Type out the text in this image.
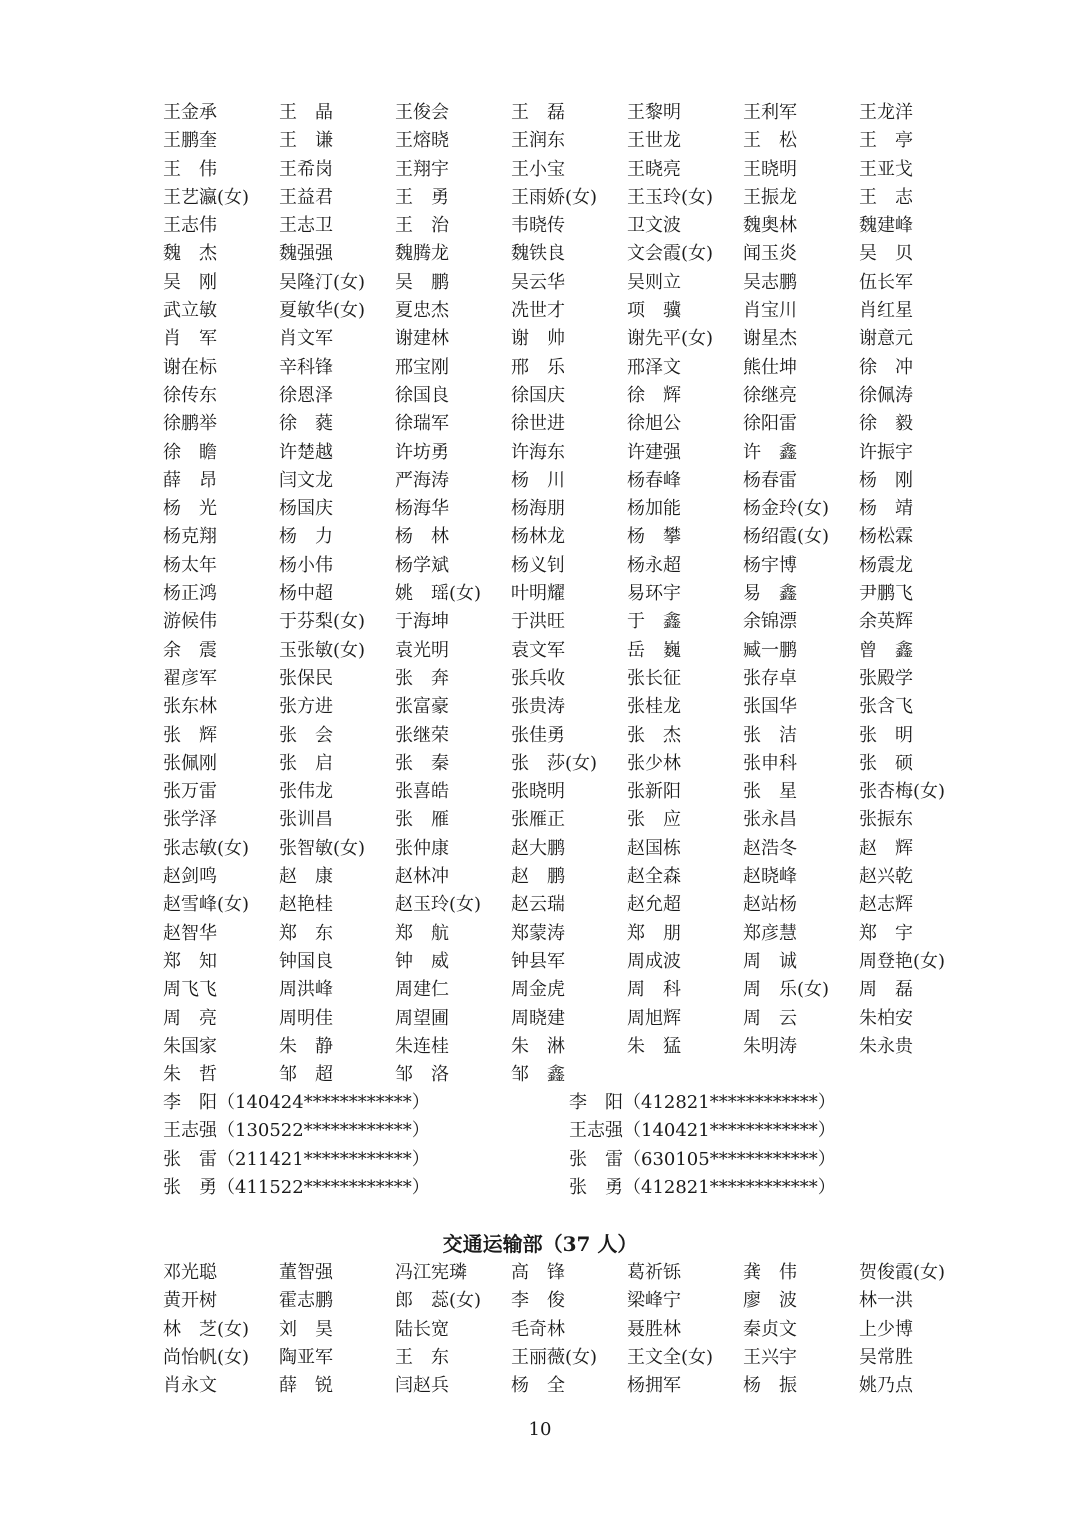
王金承	王　晶	王俊会	王　磊	王黎明	王利军	王龙洋
王鹏奎	王　谦	王熔晓	王润东	王世龙	王　松	王　亭
王　伟	王希岗	王翔宇	王小宝	王晓亮	王晓明	王亚戈
王艺瀛(女) 王益君	王　勇	王雨娇(女) 王玉玲(女) 王振龙	王　志
王志伟	王志卫	王　治	韦晓传	卫文波	魏奥林	魏建峰
魏　杰	魏强强	魏腾龙	魏铁良	文会霞(女) 闻玉炎	吴　贝
吴　刚	吴隆汀(女) 吴　鹏	吴云华	吴则立	吴志鹏	伍长军
武立敏	夏敏华(女) 夏忠杰	冼世才	项　骥	肖宝川	肖红星
肖　军	肖文军	谢建林	谢　帅	谢先平(女) 谢星杰	谢意元
谢在标	辛科锋	邢宝刚	邢　乐	邢泽文	熊仕坤	徐　冲
徐传东	徐恩泽	徐国良	徐国庆	徐　辉	徐继亮	徐佩涛
徐鹏举	徐　蕤	徐瑞军	徐世进	徐旭公	徐阳雷	徐　毅
徐　瞻	许楚越	许坊勇	许海东	许建强	许　鑫	许振宇
薛　昂	闫文龙	严海涛	杨　川	杨春峰	杨春雷	杨　刚
杨　光	杨国庆	杨海华	杨海朋	杨加能	杨金玲(女) 杨　靖
杨克翔	杨　力	杨　林	杨林龙	杨　攀	杨绍霞(女) 杨松霖
杨太年	杨小伟	杨学斌	杨义钊	杨永超	杨宇博	杨震龙
杨正鸿	杨中超	姚　瑶(女) 叶明耀	易环宇	易　鑫	尹鹏飞
游候伟	于芬梨(女) 于海坤	于洪旺	于　鑫	余锦漂	余英辉
余　震	玉张敏(女) 袁光明	袁文军	岳　巍	臧一鹏	曾　鑫
翟彦军	张保民	张　奔	张兵收	张长征	张存卓	张殿学
张东林	张方进	张富豪	张贵涛	张桂龙	张国华	张含飞
张　辉	张　会	张继荣	张佳勇	张　杰	张　洁	张　明
张佩刚	张　启	张　秦	张　莎(女) 张少林	张申科	张　硕
张万雷	张伟龙	张喜皓	张晓明	张新阳	张　星	张杏梅(女)
张学泽	张训昌	张　雁	张雁正	张　应	张永昌	张振东
张志敏(女) 张智敏(女) 张仲康	赵大鹏	赵国栋	赵浩冬	赵　辉
赵剑鸣	赵　康	赵林冲	赵　鹏	赵全森	赵晓峰	赵兴乾
赵雪峰(女) 赵艳桂	赵玉玲(女) 赵云瑞	赵允超	赵站杨	赵志辉
赵智华	郑　东	郑　航	郑蒙涛	郑　朋	郑彦慧	郑　宇
郑　知	钟国良	钟　威	钟县军	周成波	周　诚	周登艳(女)
周飞飞	周洪峰	周建仁	周金虎	周　科	周　乐(女) 周　磊
周　亮	周明佳	周望圃	周晓建	周旭辉	周　云	朱柏安
朱国家	朱　静	朱连桂	朱　淋	朱　猛	朱明涛	朱永贵
朱　哲	邹　超	邹　洛	邹　鑫
李　阳（140424************）	李　阳（412821************）
王志强（130522************）	王志强（140421************）
张　雷（211421************）	张　雷（630105************）
张　勇（411522************）	张　勇（412821************）
交通运输部（37 人）
邓光聪	董智强	冯江宪璘 高　锋	葛祈铄	龚　伟	贺俊霞(女)
黄开树	霍志鹏	郎　蕊(女) 李　俊	梁峰宁	廖　波	林一洪
林　芝(女) 刘　昊	陆长宽	毛奇林	聂胜林	秦贞文	上少博
尚怡帆(女) 陶亚军	王　东	王丽薇(女) 王文全(女) 王兴宇	吴常胜
肖永文	薛　锐	闫赵兵	杨　全	杨拥军	杨　振	姚乃点
10
